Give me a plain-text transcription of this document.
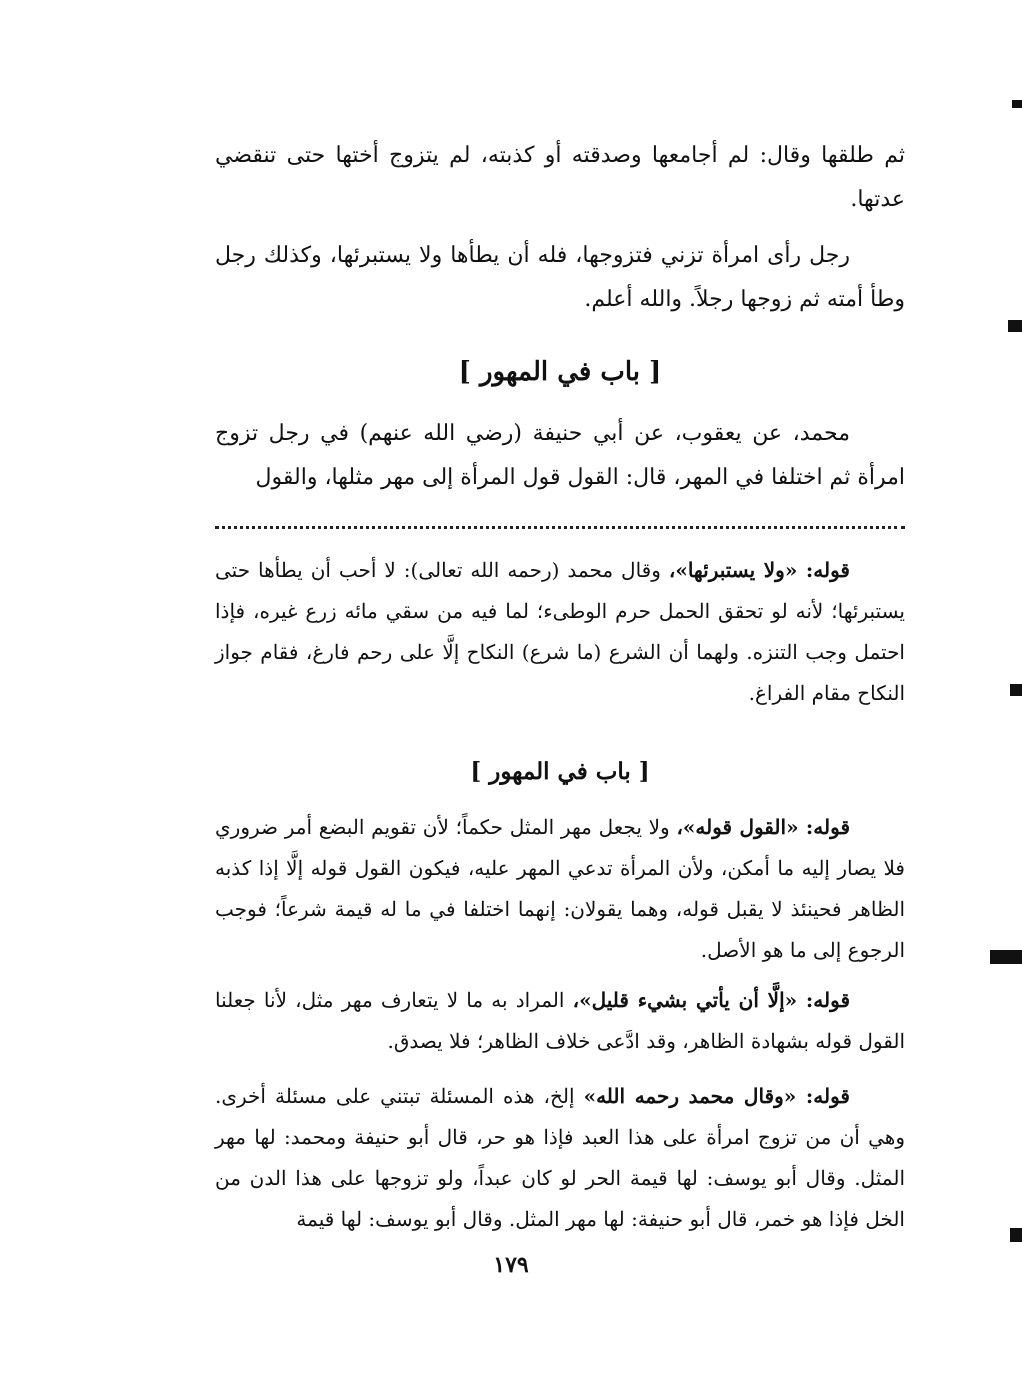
ثم طلقها وقال: لم أجامعها وصدقته أو كذبته، لم يتزوج أختها حتى تنقضي عدتها.

رجل رأى امرأة تزني فتزوجها، فله أن يطأها ولا يستبرئها، وكذلك رجل وطأ أمته ثم زوجها رجلاً. والله أعلم.

[ باب في المهور ]

محمد، عن يعقوب، عن أبي حنيفة (رضي الله عنهم) في رجل تزوج امرأة ثم اختلفا في المهر، قال: القول قول المرأة إلى مهر مثلها، والقول

قوله: «ولا يستبرئها»، وقال محمد (رحمه الله تعالى): لا أحب أن يطأها حتى يستبرئها؛ لأنه لو تحقق الحمل حرم الوطىء؛ لما فيه من سقي مائه زرع غيره، فإذا احتمل وجب التنزه. ولهما أن الشرع (ما شرع) النكاح إلَّا على رحم فارغ، فقام جواز النكاح مقام الفراغ.

[ باب في المهور ]

قوله: «القول قوله»، ولا يجعل مهر المثل حكماً؛ لأن تقويم البضع أمر ضروري فلا يصار إليه ما أمكن، ولأن المرأة تدعي المهر عليه، فيكون القول قوله إلَّا إذا كذبه الظاهر فحينئذ لا يقبل قوله، وهما يقولان: إنهما اختلفا في ما له قيمة شرعاً؛ فوجب الرجوع إلى ما هو الأصل.

قوله: «إلَّا أن يأتي بشيء قليل»، المراد به ما لا يتعارف مهر مثل، لأنا جعلنا القول قوله بشهادة الظاهر، وقد ادَّعى خلاف الظاهر؛ فلا يصدق.

قوله: «وقال محمد رحمه الله» إلخ، هذه المسئلة تبتني على مسئلة أخرى. وهي أن من تزوج امرأة على هذا العبد فإذا هو حر، قال أبو حنيفة ومحمد: لها مهر المثل. وقال أبو يوسف: لها قيمة الحر لو كان عبداً، ولو تزوجها على هذا الدن من الخل فإذا هو خمر، قال أبو حنيفة: لها مهر المثل. وقال أبو يوسف: لها قيمة

١٧٩
